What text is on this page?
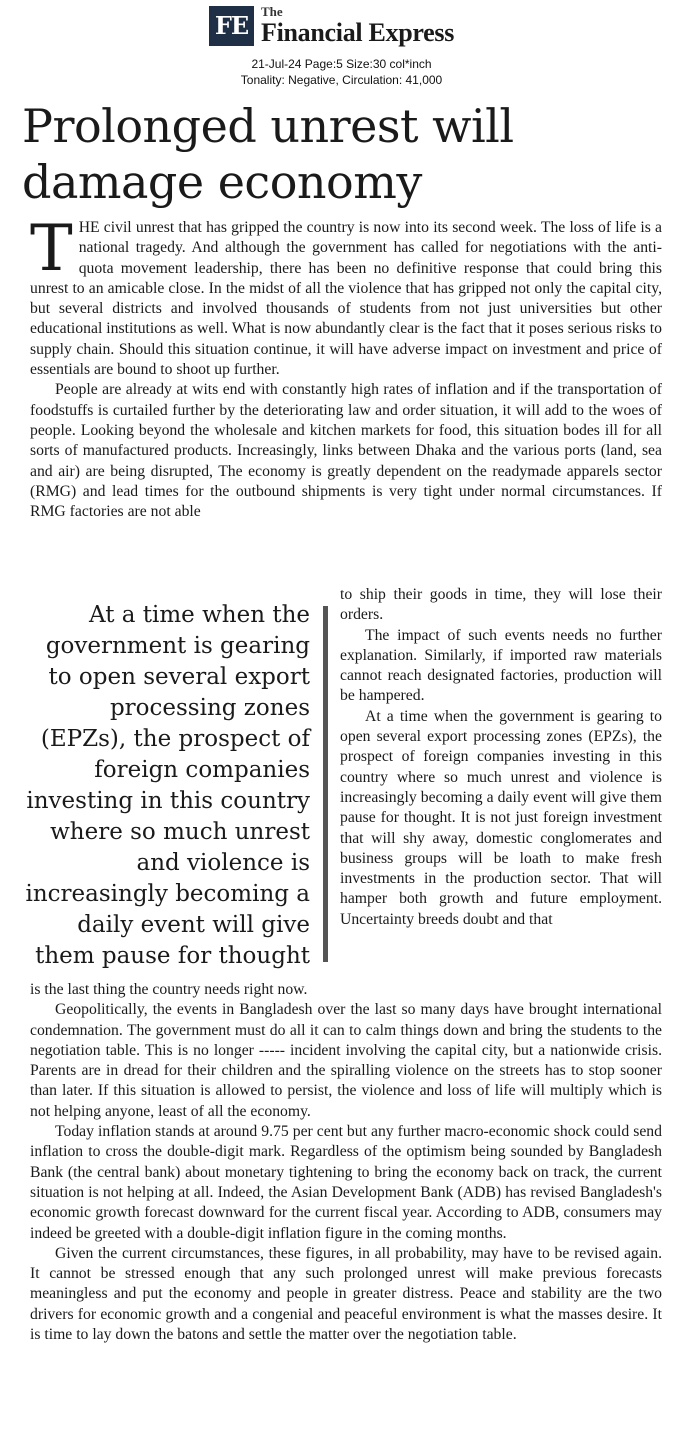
FE The
Financial Express
21-Jul-24 Page:5 Size:30 col*inch
Tonality: Negative, Circulation: 41,000
Prolonged unrest will damage economy

THE civil unrest that has gripped the country is now into its second week. The loss of life is a national tragedy. And although the government has called for negotiations with the anti-quota movement leadership, there has been no definitive response that could bring this unrest to an amicable close. In the midst of all the violence that has gripped not only the capital city, but several districts and involved thousands of students from not just universities but other educational institutions as well. What is now abundantly clear is the fact that it poses serious risks to supply chain. Should this situation continue, it will have adverse impact on investment and price of essentials are bound to shoot up further.

People are already at wits end with constantly high rates of inflation and if the transportation of foodstuffs is curtailed further by the deteriorating law and order situation, it will add to the woes of people. Looking beyond the wholesale and kitchen markets for food, this situation bodes ill for all sorts of manufactured products. Increasingly, links between Dhaka and the various ports (land, sea and air) are being disrupted, The economy is greatly dependent on the readymade apparels sector (RMG) and lead times for the outbound shipments is very tight under normal circumstances. If RMG factories are not able

At a time when the government is gearing to open several export processing zones (EPZs), the prospect of foreign companies investing in this country where so much unrest and violence is increasingly becoming a daily event will give them pause for thought

to ship their goods in time, they will lose their orders.

The impact of such events needs no further explanation. Similarly, if imported raw materials cannot reach designated factories, production will be hampered.

At a time when the government is gearing to open several export processing zones (EPZs), the prospect of foreign companies investing in this country where so much unrest and violence is increasingly becoming a daily event will give them pause for thought. It is not just foreign investment that will shy away, domestic conglomerates and business groups will be loath to make fresh investments in the production sector. That will hamper both growth and future employment. Uncertainty breeds doubt and that

is the last thing the country needs right now.

Geopolitically, the events in Bangladesh over the last so many days have brought international condemnation. The government must do all it can to calm things down and bring the students to the negotiation table. This is no longer ----- incident involving the capital city, but a nationwide crisis. Parents are in dread for their children and the spiralling violence on the streets has to stop sooner than later. If this situation is allowed to persist, the violence and loss of life will multiply which is not helping anyone, least of all the economy.

Today inflation stands at around 9.75 per cent but any further macro-economic shock could send inflation to cross the double-digit mark. Regardless of the optimism being sounded by Bangladesh Bank (the central bank) about monetary tightening to bring the economy back on track, the current situation is not helping at all. Indeed, the Asian Development Bank (ADB) has revised Bangladesh's economic growth forecast downward for the current fiscal year. According to ADB, consumers may indeed be greeted with a double-digit inflation figure in the coming months.

Given the current circumstances, these figures, in all probability, may have to be revised again. It cannot be stressed enough that any such prolonged unrest will make previous forecasts meaningless and put the economy and people in greater distress. Peace and stability are the two drivers for economic growth and a congenial and peaceful environment is what the masses desire. It is time to lay down the batons and settle the matter over the negotiation table.
